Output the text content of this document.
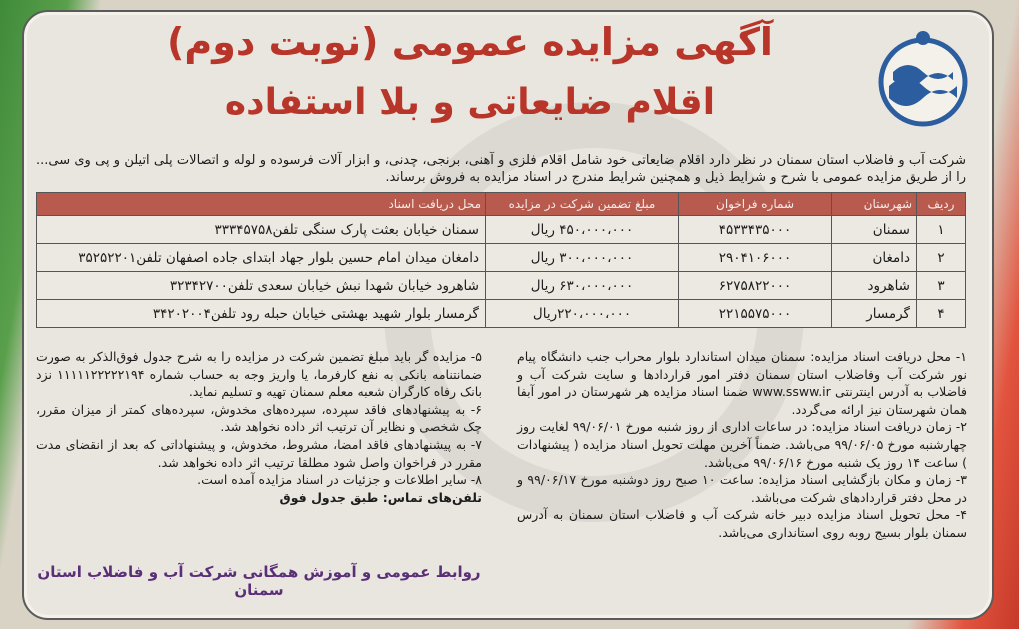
آگهی مزایده عمومی (نوبت دوم)
اقلام ضایعاتی و بلا استفاده
شرکت آب و فاضلاب استان سمنان در نظر دارد اقلام ضایعاتی خود شامل اقلام فلزی و آهنی، برنجی، چدنی، و ابزار آلات فرسوده و لوله و اتصالات پلی اتیلن و پی وی سی... را از طریق مزایده عمومی با شرح و شرایط ذیل و همچنین شرایط مندرج در اسناد مزایده به فروش برساند.
ردیف	شهرستان	شماره فراخوان	مبلغ تضمین شرکت در مزایده	محل دریافت اسناد
۱	سمنان	۴۵۳۳۴۳۵۰۰۰	۴۵۰،۰۰۰،۰۰۰ ریال	سمنان خیابان بعثت پارک سنگی تلفن۳۳۳۴۵۷۵۸
۲	دامغان	۲۹۰۴۱۰۶۰۰۰	۳۰۰،۰۰۰،۰۰۰ ریال	دامغان میدان امام حسین بلوار جهاد ابتدای جاده اصفهان تلفن۳۵۲۵۲۲۰۱
۳	شاهرود	۶۲۷۵۸۲۲۰۰۰	۶۳۰،۰۰۰،۰۰۰ ریال	شاهرود خیابان شهدا نبش خیابان سعدی تلفن۳۲۳۴۲۷۰۰
۴	گرمسار	۲۲۱۵۵۷۵۰۰۰	۲۲۰،۰۰۰،۰۰۰ریال	گرمسار بلوار شهید بهشتی خیابان حبله رود تلفن۳۴۲۰۲۰۰۴

۱- محل دریافت اسناد مزایده: سمنان میدان استاندارد بلوار محراب جنب دانشگاه پیام نور شرکت آب وفاضلاب استان سمنان دفتر امور قراردادها و سایت شرکت آب و فاضلاب به آدرس اینترنتی www.ssww.ir ضمنا اسناد مزایده هر شهرستان در امور آبفا همان شهرستان نیز ارائه می‌گردد.

۲- زمان دریافت اسناد مزایده: در ساعات اداری از روز شنبه مورخ ۹۹/۰۶/۰۱ لغایت روز چهارشنبه مورخ ۹۹/۰۶/۰۵ می‌باشد. ضمناً آخرین مهلت تحویل اسناد مزایده ( پیشنهادات ) ساعت ۱۴ روز یک شنبه مورخ ۹۹/۰۶/۱۶ می‌باشد.

۳- زمان و مکان بازگشایی اسناد مزایده: ساعت ۱۰ صبح روز دوشنبه مورخ ۹۹/۰۶/۱۷ و در محل دفتر قراردادهای شرکت می‌باشد.

۴- محل تحویل اسناد مزایده دبیر خانه شرکت آب و فاضلاب استان سمنان به آدرس سمنان بلوار بسیج روبه روی استانداری می‌باشد.

۵- مزایده گر باید مبلغ تضمین شرکت در مزایده را به شرح جدول فوق‌الذکر به صورت ضمانتنامه بانکی به نفع کارفرما، یا واریز وجه به حساب شماره ۱۱۱۱۱۲۲۲۲۲۱۹۴ نزد بانک رفاه کارگران شعبه معلم سمنان تهیه و تسلیم نماید.

۶- به پیشنهادهای فاقد سپرده، سپرده‌های مخدوش، سپرده‌های کمتر از میزان مقرر، چک شخصی و نظایر آن ترتیب اثر داده نخواهد شد.

۷- به پیشنهادهای فاقد امضا، مشروط، مخدوش، و پیشنهاداتی که بعد از انقضای مدت مقرر در فراخوان واصل شود مطلقا ترتیب اثر داده نخواهد شد.

۸- سایر اطلاعات و جزئیات در اسناد مزایده آمده است.

تلفن‌های تماس: طبق جدول فوق

روابط عمومی و آموزش همگانی شرکت آب و فاضلاب استان سمنان
